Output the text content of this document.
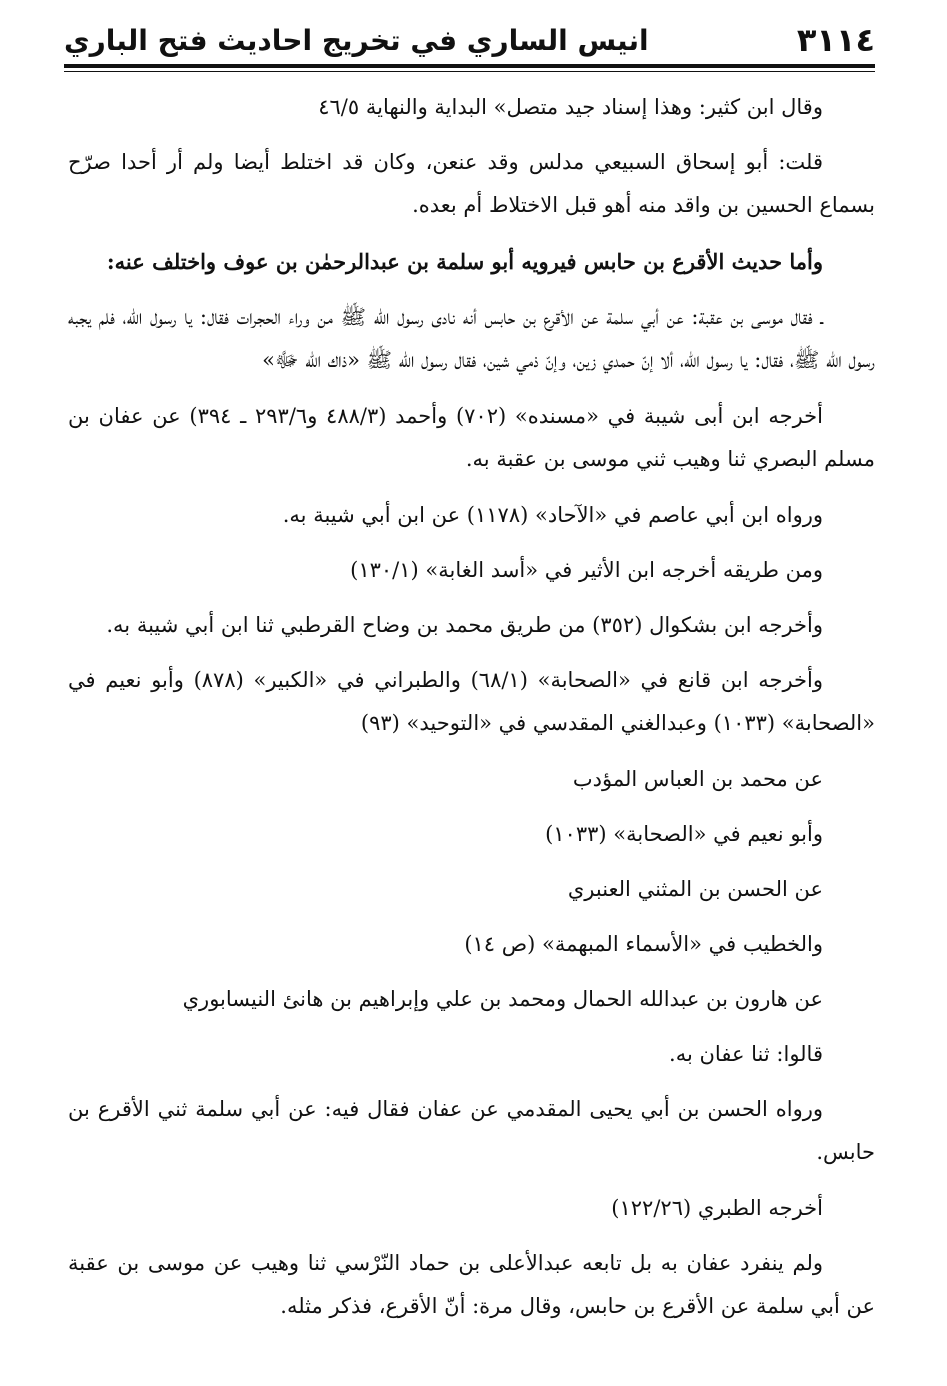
٣١١٤
انيس الساري في تخريج احاديث فتح الباري

وقال ابن كثير: وهذا إسناد جيد متصل» البداية والنهاية ٤٦/٥

قلت: أبو إسحاق السبيعي مدلس وقد عنعن، وكان قد اختلط أيضا ولم أر أحدا صرّح بسماع الحسين بن واقد منه أهو قبل الاختلاط أم بعده.

وأما حديث الأقرع بن حابس فيرويه أبو سلمة بن عبدالرحمٰن بن عوف واختلف عنه:

ـ فقال موسى بن عقبة: عن أبي سلمة عن الأقرع بن حابس أنه نادى رسول الله ﷺ من وراء الحجرات فقال: يا رسول الله، فلم يجبه رسول الله ﷺ، فقال: يا رسول الله، ألا إنّ حمدي زين، وإنّ ذمي شين، فقال رسول الله ﷺ «ذاك الله ﷻ»

أخرجه ابن أبى شيبة في «مسنده» (٧٠٢) وأحمد (٤٨٨/٣ و٢٩٣/٦ ـ ٣٩٤) عن عفان بن مسلم البصري ثنا وهيب ثني موسى بن عقبة به.

ورواه ابن أبي عاصم في «الآحاد» (١١٧٨) عن ابن أبي شيبة به.

ومن طريقه أخرجه ابن الأثير في «أسد الغابة» (١٣٠/١)

وأخرجه ابن بشكوال (٣٥٢) من طريق محمد بن وضاح القرطبي ثنا ابن أبي شيبة به.

وأخرجه ابن قانع في «الصحابة» (٦٨/١) والطبراني في «الكبير» (٨٧٨) وأبو نعيم في «الصحابة» (١٠٣٣) وعبدالغني المقدسي في «التوحيد» (٩٣)

عن محمد بن العباس المؤدب

وأبو نعيم في «الصحابة» (١٠٣٣)

عن الحسن بن المثني العنبري

والخطيب في «الأسماء المبهمة» (ص ١٤)

عن هارون بن عبدالله الحمال ومحمد بن علي وإبراهيم بن هانئ النيسابوري

قالوا: ثنا عفان به.

ورواه الحسن بن أبي يحيى المقدمي عن عفان فقال فيه: عن أبي سلمة ثني الأقرع بن حابس.

أخرجه الطبري (١٢٢/٢٦)

ولم ينفرد عفان به بل تابعه عبدالأعلى بن حماد النّرْسي ثنا وهيب عن موسى بن عقبة عن أبي سلمة عن الأقرع بن حابس، وقال مرة: أنّ الأقرع، فذكر مثله.
